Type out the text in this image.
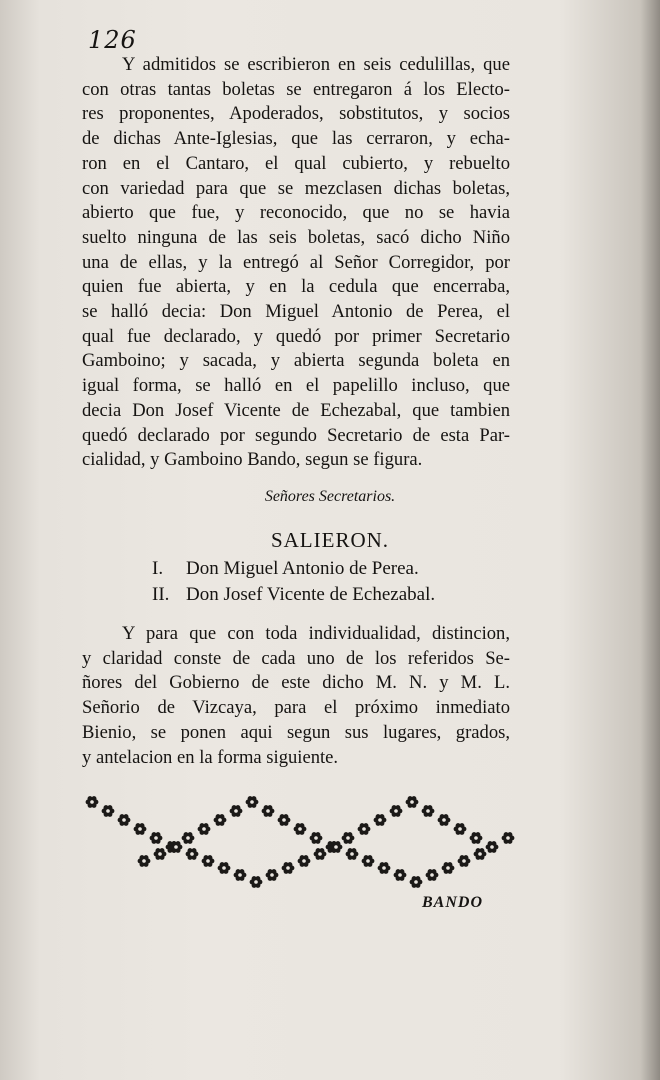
126
Y admitidos se escribieron en seis cedulillas, que
con otras tantas boletas se entregaron á los Electo-
res proponentes, Apoderados, sobstitutos, y socios
de dichas Ante-Iglesias, que las cerraron, y echa-
ron en el Cantaro, el qual cubierto, y rebuelto
con variedad para que se mezclasen dichas boletas,
abierto que fue, y reconocido, que no se havia
suelto ninguna de las seis boletas, sacó dicho Niño
una de ellas, y la entregó al Señor Corregidor, por
quien fue abierta, y en la cedula que encerraba,
se halló decia: Don Miguel Antonio de Perea, el
qual fue declarado, y quedó por primer Secretario
Gamboino; y sacada, y abierta segunda boleta en
igual forma, se halló en el papelillo incluso, que
decia Don Josef Vicente de Echezabal, que tambien
quedó declarado por segundo Secretario de esta Par-
cialidad, y Gamboino Bando, segun se figura.
Señores Secretarios.
SALIERON.
I.	Don Miguel Antonio de Perea.
II. Don Josef Vicente de Echezabal.
Y para que con toda individualidad, distincion,
y claridad conste de cada uno de los referidos Se-
ñores del Gobierno de este dicho M. N. y M. L.
Señorio de Vizcaya, para el próximo inmediato
Bienio, se ponen aqui segun sus lugares, grados,
y antelacion en la forma siguiente.
BANDO
